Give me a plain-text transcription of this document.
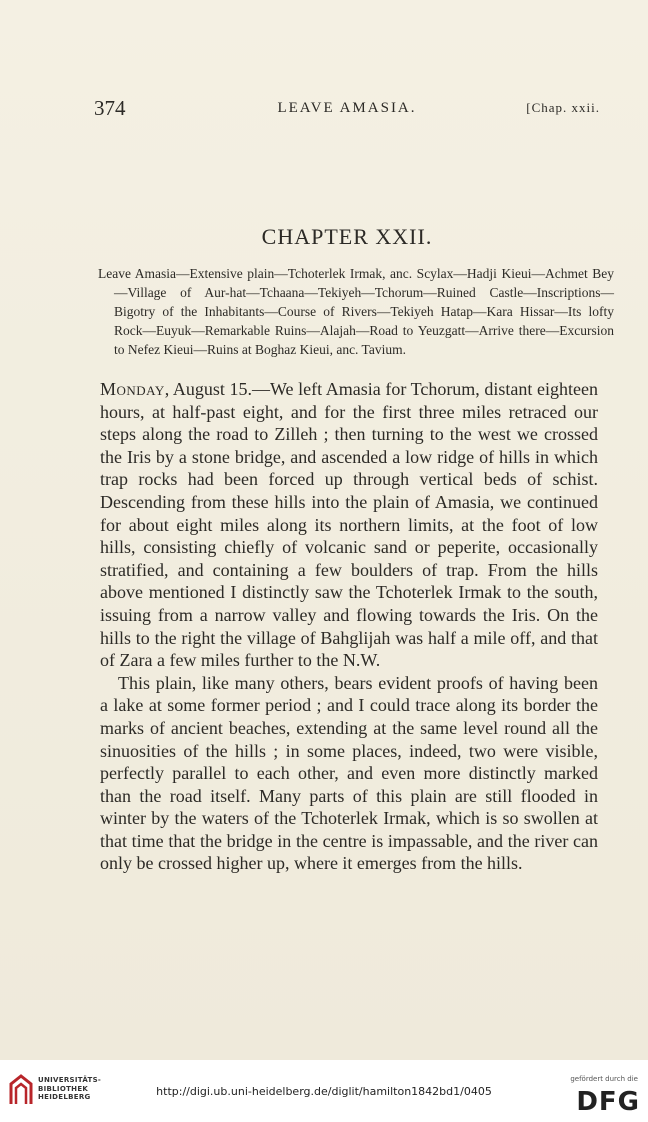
374	LEAVE AMASIA.	[Chap. xxii.
CHAPTER XXII.
Leave Amasia—Extensive plain—Tchoterlek Irmak, anc. Scylax—Hadji Kieui—Achmet Bey—Village of Aur-hat—Tchaana—Tekiyeh—Tchorum—Ruined Castle—Inscriptions—Bigotry of the Inhabitants—Course of Rivers—Tekiyeh Hatap—Kara Hissar—Its lofty Rock—Euyuk—Remarkable Ruins—Alajah—Road to Yeuzgatt—Arrive there—Excursion to Nefez Kieui—Ruins at Boghaz Kieui, anc. Tavium.

Monday, August 15.—We left Amasia for Tchorum, distant eighteen hours, at half-past eight, and for the first three miles retraced our steps along the road to Zilleh ; then turning to the west we crossed the Iris by a stone bridge, and ascended a low ridge of hills in which trap rocks had been forced up through vertical beds of schist. Descending from these hills into the plain of Amasia, we continued for about eight miles along its northern limits, at the foot of low hills, consisting chiefly of volcanic sand or peperite, occasionally stratified, and containing a few boulders of trap. From the hills above mentioned I distinctly saw the Tchoterlek Irmak to the south, issuing from a narrow valley and flowing towards the Iris. On the hills to the right the village of Bahglijah was half a mile off, and that of Zara a few miles further to the N.W.

This plain, like many others, bears evident proofs of having been a lake at some former period ; and I could trace along its border the marks of ancient beaches, extending at the same level round all the sinuosities of the hills ; in some places, indeed, two were visible, perfectly parallel to each other, and even more distinctly marked than the road itself. Many parts of this plain are still flooded in winter by the waters of the Tchoterlek Irmak, which is so swollen at that time that the bridge in the centre is impassable, and the river can only be crossed higher up, where it emerges from the hills.

UNIVERSITÄTS-
BIBLIOTHEK
HEIDELBERG	http://digi.ub.uni-heidelberg.de/diglit/hamilton1842bd1/0405
gefördert durch die
DFG
